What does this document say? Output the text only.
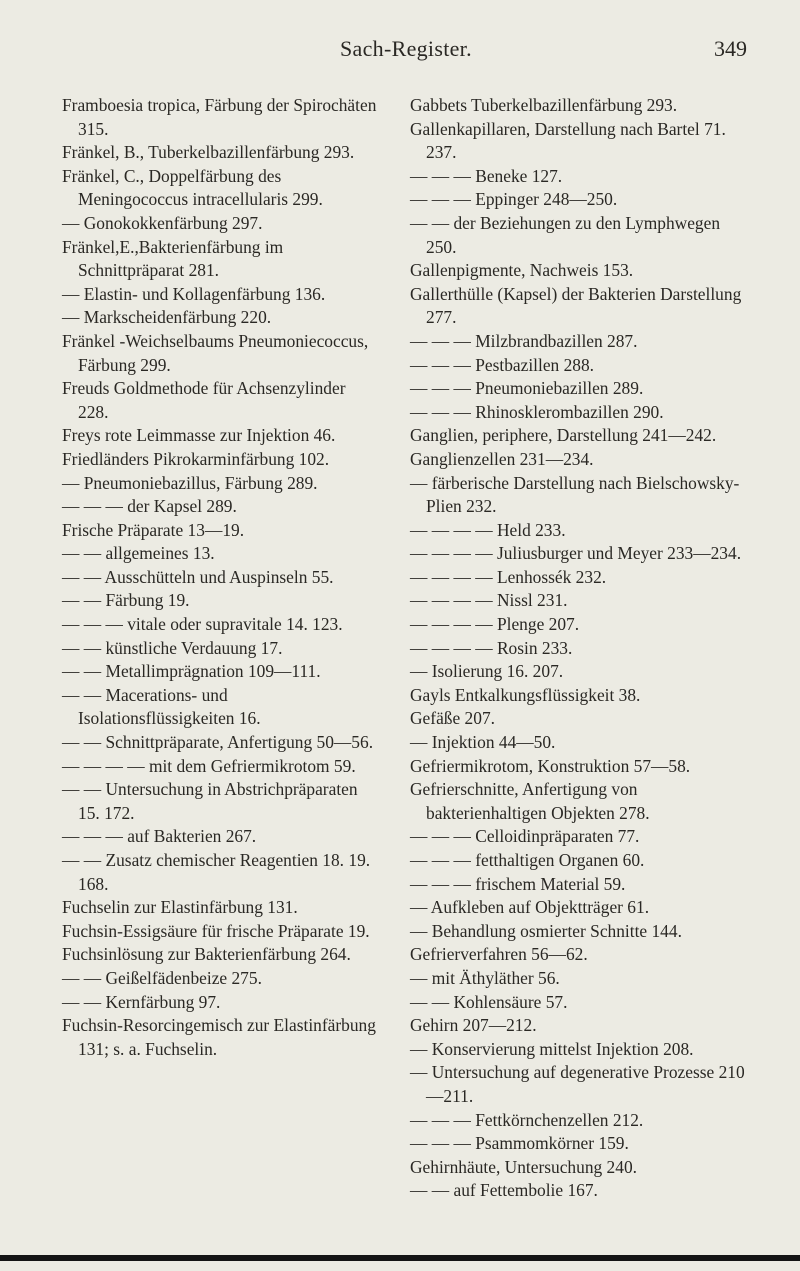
Sach-Register.	349

Framboesia tropica, Färbung der Spirochäten 315.

Fränkel, B., Tuberkelbazillenfärbung 293.

Fränkel, C., Doppelfärbung des Meningococcus intracellularis 299.

— Gonokokkenfärbung 297.

Fränkel,E.,Bakterienfärbung im Schnittpräparat 281.

— Elastin- und Kollagenfärbung 136.

— Markscheidenfärbung 220.

Fränkel -Weichselbaums Pneumoniecoccus, Färbung 299.

Freuds Goldmethode für Achsenzylinder 228.

Freys rote Leimmasse zur Injektion 46.

Friedländers Pikrokarminfärbung 102.

— Pneumoniebazillus, Färbung 289.

— — — der Kapsel 289.

Frische Präparate 13—19.

— — allgemeines 13.

— — Ausschütteln und Auspinseln 55.

— — Färbung 19.

— — — vitale oder supravitale 14. 123.

— — künstliche Verdauung 17.

— — Metallimprägnation 109—111.

— — Macerations- und Isolationsflüssigkeiten 16.

— — Schnittpräparate, Anfertigung 50—56.

— — — — mit dem Gefriermikrotom 59.

— — Untersuchung in Abstrichpräparaten 15. 172.

— — — auf Bakterien 267.

— — Zusatz chemischer Reagentien 18. 19. 168.

Fuchselin zur Elastinfärbung 131.

Fuchsin-Essigsäure für frische Präparate 19.

Fuchsinlösung zur Bakterienfärbung 264.

— — Geißelfädenbeize 275.

— — Kernfärbung 97.

Fuchsin-Resorcingemisch zur Elastinfärbung 131; s. a. Fuchselin.

Gabbets Tuberkelbazillenfärbung 293.

Gallenkapillaren, Darstellung nach Bartel 71. 237.

— — — Beneke 127.

— — — Eppinger 248—250.

— — der Beziehungen zu den Lymphwegen 250.

Gallenpigmente, Nachweis 153.

Gallerthülle (Kapsel) der Bakterien Darstellung 277.

— — — Milzbrandbazillen 287.

— — — Pestbazillen 288.

— — — Pneumoniebazillen 289.

— — — Rhinosklerombazillen 290.

Ganglien, periphere, Darstellung 241—242.

Ganglienzellen 231—234.

— färberische Darstellung nach Bielschowsky-Plien 232.

— — — — Held 233.

— — — — Juliusburger und Meyer 233—234.

— — — — Lenhossék 232.

— — — — Nissl 231.

— — — — Plenge 207.

— — — — Rosin 233.

— Isolierung 16. 207.

Gayls Entkalkungsflüssigkeit 38.

Gefäße 207.

— Injektion 44—50.

Gefriermikrotom, Konstruktion 57—58.

Gefrierschnitte, Anfertigung von bakterienhaltigen Objekten 278.

— — — Celloidinpräparaten 77.

— — — fetthaltigen Organen 60.

— — — frischem Material 59.

— Aufkleben auf Objektträger 61.

— Behandlung osmierter Schnitte 144.

Gefrierverfahren 56—62.

— mit Äthyläther 56.

— — Kohlensäure 57.

Gehirn 207—212.

— Konservierung mittelst Injektion 208.

— Untersuchung auf degenerative Prozesse 210—211.

— — — Fettkörnchenzellen 212.

— — — Psammomkörner 159.

Gehirnhäute, Untersuchung 240.

— — auf Fettembolie 167.
